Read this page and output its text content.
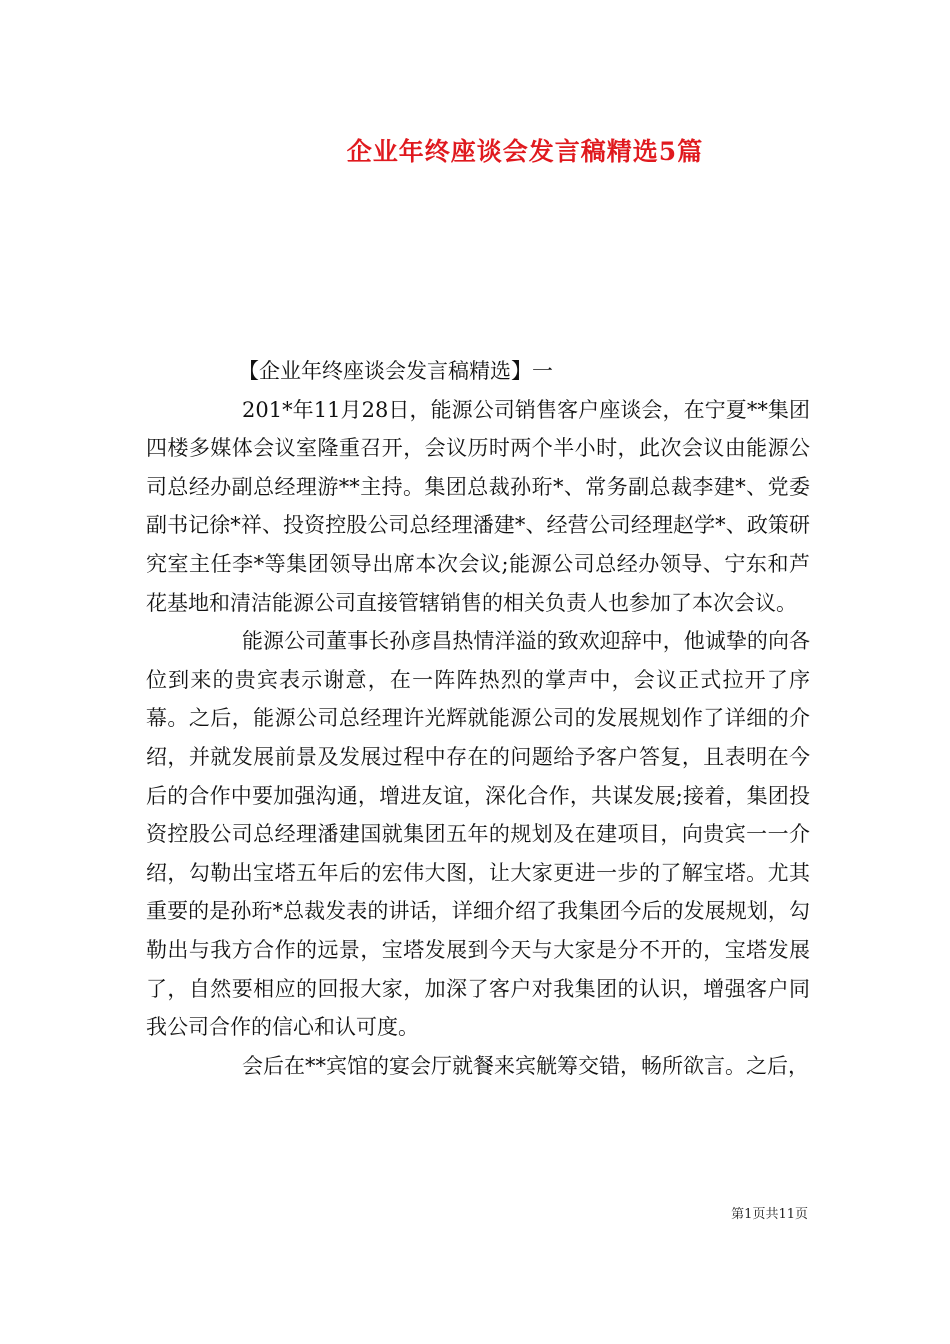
企业年终座谈会发言稿精选5篇

【企业年终座谈会发言稿精选】一

201*年11月28日，能源公司销售客户座谈会，在宁夏**集团四楼多媒体会议室隆重召开，会议历时两个半小时，此次会议由能源公司总经办副总经理游**主持。集团总裁孙珩*、常务副总裁李建*、党委副书记徐*祥、投资控股公司总经理潘建*、经营公司经理赵学*、政策研究室主任李*等集团领导出席本次会议;能源公司总经办领导、宁东和芦花基地和清洁能源公司直接管辖销售的相关负责人也参加了本次会议。

能源公司董事长孙彦昌热情洋溢的致欢迎辞中，他诚挚的向各位到来的贵宾表示谢意，在一阵阵热烈的掌声中，会议正式拉开了序幕。之后，能源公司总经理许光辉就能源公司的发展规划作了详细的介绍，并就发展前景及发展过程中存在的问题给予客户答复，且表明在今后的合作中要加强沟通，增进友谊，深化合作，共谋发展;接着，集团投资控股公司总经理潘建国就集团五年的规划及在建项目，向贵宾一一介绍，勾勒出宝塔五年后的宏伟大图，让大家更进一步的了解宝塔。尤其重要的是孙珩*总裁发表的讲话，详细介绍了我集团今后的发展规划，勾勒出与我方合作的远景，宝塔发展到今天与大家是分不开的，宝塔发展了，自然要相应的回报大家，加深了客户对我集团的认识，增强客户同我公司合作的信心和认可度。

会后在**宾馆的宴会厅就餐来宾觥筹交错，畅所欲言。之后，

第1页共11页
